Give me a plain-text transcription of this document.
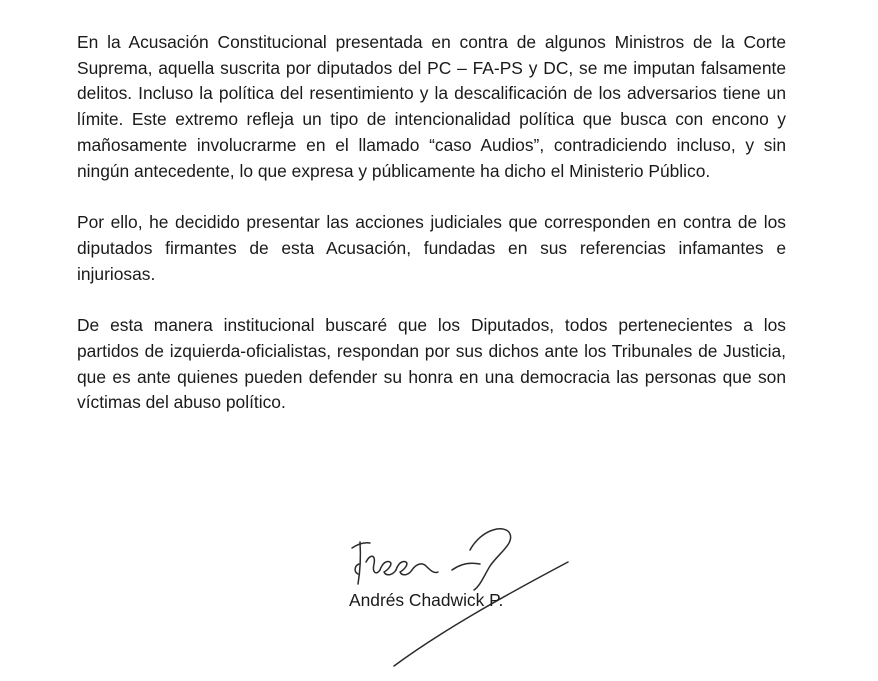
En la Acusación Constitucional presentada en contra de algunos Ministros de la Corte Suprema, aquella suscrita por diputados del PC – FA-PS y DC, se me imputan falsamente delitos. Incluso la política del resentimiento y la descalificación de los adversarios tiene un límite. Este extremo refleja un tipo de intencionalidad política que busca con encono y mañosamente involucrarme en el llamado “caso Audios”, contradiciendo incluso, y sin ningún antecedente, lo que expresa y públicamente ha dicho el Ministerio Público.

Por ello, he decidido presentar las acciones judiciales que corresponden en contra de los diputados firmantes de esta Acusación, fundadas en sus referencias infamantes e injuriosas.

De esta manera institucional buscaré que los Diputados, todos pertenecientes a los partidos de izquierda-oficialistas, respondan por sus dichos ante los Tribunales de Justicia, que es ante quienes pueden defender su honra en una democracia las personas que son víctimas del abuso político.

Andrés Chadwick P.
